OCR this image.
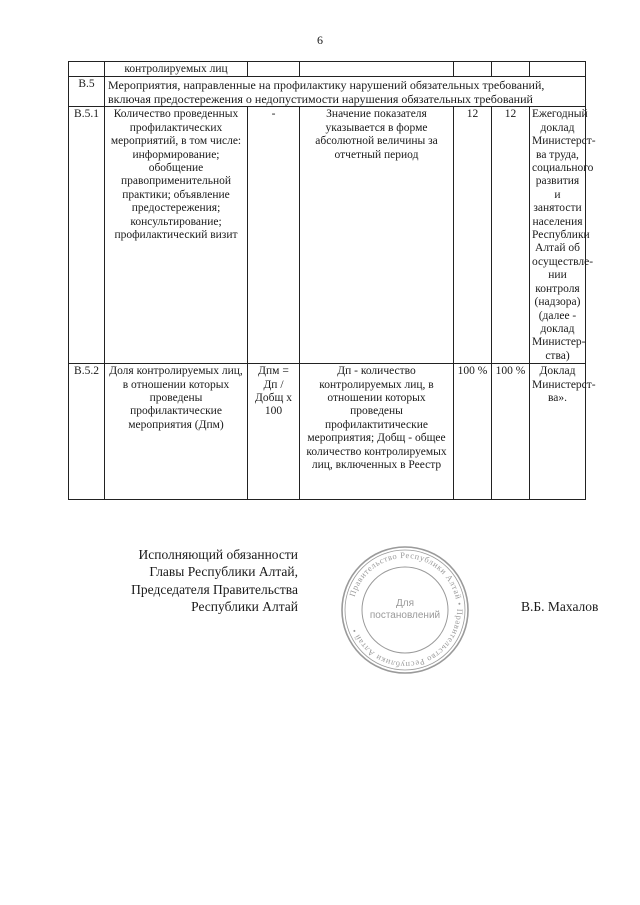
6
	контролируемых лиц					
В.5	Мероприятия, направленные на профилактику нарушений обязательных требований, включая предостережения о недопустимости нарушения обязательных требований					
В.5.1	Количество проведенных профилактических мероприятий, в том числе: информирование; обобщение правоприменительной практики; объявление предостережения; консультирование; профилактический визит	-	Значение показателя указывается в форме абсолютной величины за отчетный период	12	12	Ежегодный доклад Министерст-ва труда, социального развития и занятости населения Республики Алтай об осуществле-нии контроля (надзора) (далее - доклад Министер-ства)
В.5.2	Доля контролируемых лиц, в отношении которых проведены профилактические мероприятия (Дпм)	Дпм = Дп / Добщ x 100	Дп - количество контролируемых лиц, в отношении которых проведены профилактитические мероприятия; Добщ - общее количество контролируемых лиц, включенных в Реестр	100 %	100 %	Доклад Министерст-ва».
Исполняющий обязанности
Главы Республики Алтай,
Председателя Правительства
Республики Алтай
Правительство Республики Алтай • Правительство Республики Алтай •
Для
постановлений
В.Б. Махалов
